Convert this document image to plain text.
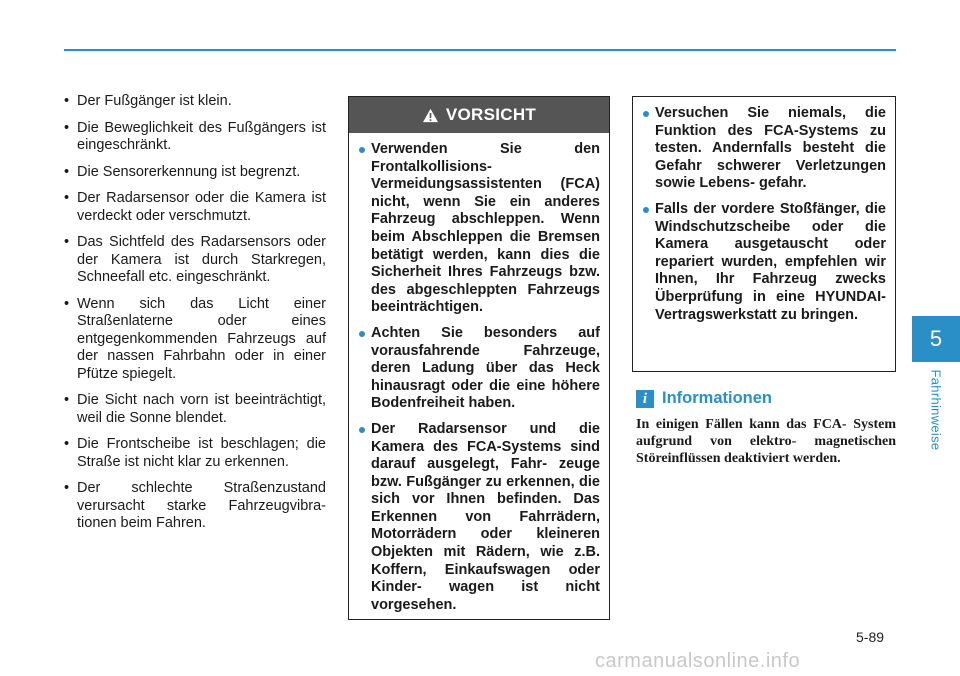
• Der Fußgänger ist klein.
• Die Beweglichkeit des Fußgängers ist eingeschränkt.
• Die Sensorerkennung ist begrenzt.
• Der Radarsensor oder die Kamera ist verdeckt oder verschmutzt.
• Das Sichtfeld des Radarsensors oder der Kamera ist durch Starkregen, Schneefall etc. eingeschränkt.
• Wenn sich das Licht einer Straßenlaterne oder eines entgegenkommenden Fahrzeugs auf der nassen Fahrbahn oder in einer Pfütze spiegelt.
• Die Sicht nach vorn ist beeinträchtigt, weil die Sonne blendet.
• Die Frontscheibe ist beschlagen; die Straße ist nicht klar zu erkennen.
• Der schlechte Straßenzustand verursacht starke Fahrzeugvibra- tionen beim Fahren.
VORSICHT
Verwenden Sie den Frontalkollisions- Vermeidungsassistenten (FCA) nicht, wenn Sie ein anderes Fahrzeug abschleppen. Wenn beim Abschleppen die Bremsen betätigt werden, kann dies die Sicherheit Ihres Fahrzeugs bzw. des abgeschleppten Fahrzeugs beeinträchtigen.
Achten Sie besonders auf vorausfahrende Fahrzeuge, deren Ladung über das Heck hinausragt oder die eine höhere Bodenfreiheit haben.
Der Radarsensor und die Kamera des FCA-Systems sind darauf ausgelegt, Fahr- zeuge bzw. Fußgänger zu erkennen, die sich vor Ihnen befinden. Das Erkennen von Fahrrädern, Motorrädern oder kleineren Objekten mit Rädern, wie z.B. Koffern, Einkaufswagen oder Kinder- wagen ist nicht vorgesehen.
Versuchen Sie niemals, die Funktion des FCA-Systems zu testen. Andernfalls besteht die Gefahr schwerer Verletzungen sowie Lebens- gefahr.
Falls der vordere Stoßfänger, die Windschutzscheibe oder die Kamera ausgetauscht oder repariert wurden, empfehlen wir Ihnen, Ihr Fahrzeug zwecks Überprüfung in eine HYUNDAI-Vertragswerkstatt zu bringen.
i Informationen
In einigen Fällen kann das FCA- System aufgrund von elektro- magnetischen Störeinflüssen deaktiviert werden.
5
Fahrhinweise
5-89
carmanualsonline.info
